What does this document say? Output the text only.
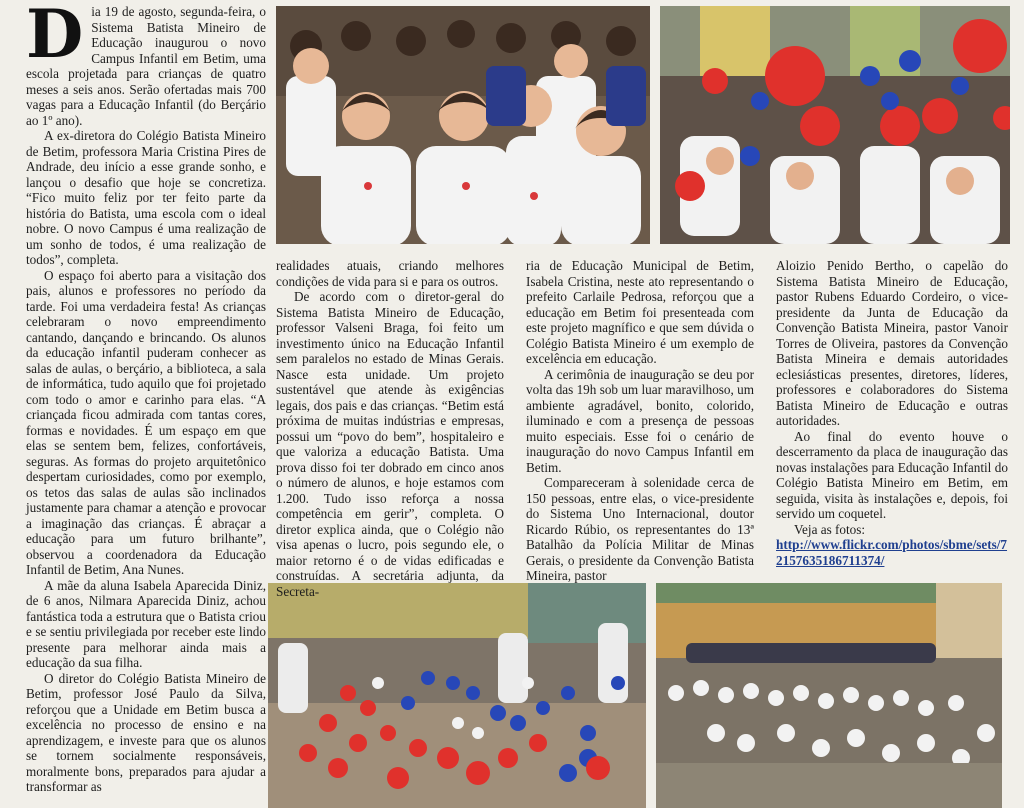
D ia 19 de agosto, segunda-feira, o Sistema Batista Mineiro de Educação inaugurou o novo Campus Infantil em Betim, uma escola projetada para crianças de quatro meses a seis anos. Serão ofertadas mais 700 vagas para a Educação Infantil (do Berçário ao 1º ano).

A ex-diretora do Colégio Batista Mineiro de Betim, professora Maria Cristina Pires de Andrade, deu início a esse grande sonho, e lançou o desafio que hoje se concretiza. “Fico muito feliz por ter feito parte da história do Batista, uma escola com o ideal nobre. O novo Campus é uma realização de um sonho de todos, é uma realização de todos”, completa.

O espaço foi aberto para a visitação dos pais, alunos e professores no período da tarde. Foi uma verdadeira festa! As crianças celebraram o novo empreendimento cantando, dançando e brincando. Os alunos da educação infantil puderam conhecer as salas de aulas, o berçário, a biblioteca, a sala de informática, tudo aquilo que foi projetado com todo o amor e carinho para elas. “A criançada ficou admirada com tantas cores, formas e novidades. É um espaço em que elas se sentem bem, felizes, confortáveis, seguras. As formas do projeto arquitetônico despertam curiosidades, como por exemplo, os tetos das salas de aulas são inclinados justamente para chamar a atenção e provocar a imaginação das crianças. É abraçar a educação para um futuro brilhante”, observou a coordenadora da Educação Infantil de Betim, Ana Nunes.

A mãe da aluna Isabela Aparecida Diniz, de 6 anos, Nilmara Aparecida Diniz, achou fantástica toda a estrutura que o Batista criou e se sentiu privilegiada por receber este lindo presente para melhorar ainda mais a educação da sua filha.

O diretor do Colégio Batista Mineiro de Betim, professor José Paulo da Silva, reforçou que a Unidade em Betim busca a excelência no processo de ensino e na aprendizagem, e investe para que os alunos se tornem socialmente responsáveis, moralmente bons, preparados para ajudar a transformar as

realidades atuais, criando melhores condições de vida para si e para os outros.

De acordo com o diretor-geral do Sistema Batista Mineiro de Educação, professor Valseni Braga, foi feito um investimento único na Educação Infantil sem paralelos no estado de Minas Gerais. Nasce esta unidade. Um projeto sustentável que atende às exigências legais, dos pais e das crianças. “Betim está próxima de muitas indústrias e empresas, possui um “povo do bem”, hospitaleiro e que valoriza a educação Batista. Uma prova disso foi ter dobrado em cinco anos o número de alunos, e hoje estamos com 1.200. Tudo isso reforça a nossa competência em gerir”, completa. O diretor explica ainda, que o Colégio não visa apenas o lucro, pois segundo ele, o maior retorno é o de vidas edificadas e construídas. A secretária adjunta, da Secreta-

ria de Educação Municipal de Betim, Isabela Cristina, neste ato representando o prefeito Carlaile Pedrosa, reforçou que a educação em Betim foi presenteada com este projeto magnífico e que sem dúvida o Colégio Batista Mineiro é um exemplo de excelência em educação.

A cerimônia de inauguração se deu por volta das 19h sob um luar maravilhoso, um ambiente agradável, bonito, colorido, iluminado e com a presença de pessoas muito especiais. Esse foi o cenário de inauguração do novo Campus Infantil em Betim.

Compareceram à solenidade cerca de 150 pessoas, entre elas, o vice-presidente do Sistema Uno Internacional, doutor Ricardo Rúbio, os representantes do 13ª Batalhão da Polícia Militar de Minas Gerais, o presidente da Convenção Batista Mineira, pastor

Aloizio Penido Bertho, o capelão do Sistema Batista Mineiro de Educação, pastor Rubens Eduardo Cordeiro, o vice-presidente da Junta de Educação da Convenção Batista Mineira, pastor Vanoir Torres de Oliveira, pastores da Convenção Batista Mineira e demais autoridades eclesiásticas presentes, diretores, líderes, professores e colaboradores do Sistema Batista Mineiro de Educação e outras autoridades.

Ao final do evento houve o descerramento da placa de inauguração das novas instalações para Educação Infantil do Colégio Batista Mineiro em Betim, em seguida, visita às instalações e, depois, foi servido um coquetel.

Veja as fotos:

http://www.flickr.com/photos/sbme/sets/72157635186711374/
